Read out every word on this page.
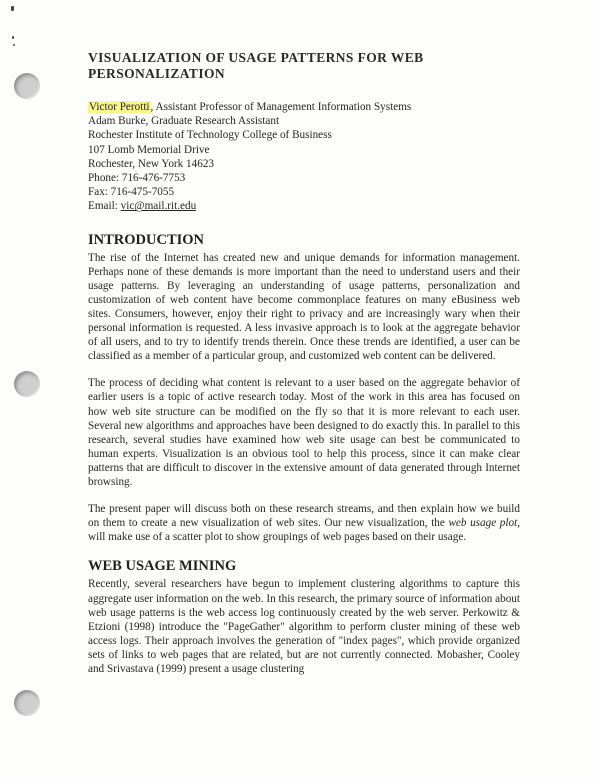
VISUALIZATION OF USAGE PATTERNS FOR WEB PERSONALIZATION
Victor Perotti, Assistant Professor of Management Information Systems
Adam Burke, Graduate Research Assistant
Rochester Institute of Technology College of Business
107 Lomb Memorial Drive
Rochester, New York 14623
Phone: 716-476-7753
Fax: 716-475-7055
Email: vic@mail.rit.edu
INTRODUCTION

The rise of the Internet has created new and unique demands for information management. Perhaps none of these demands is more important than the need to understand users and their usage patterns. By leveraging an understanding of usage patterns, personalization and customization of web content have become commonplace features on many eBusiness web sites. Consumers, however, enjoy their right to privacy and are increasingly wary when their personal information is requested. A less invasive approach is to look at the aggregate behavior of all users, and to try to identify trends therein. Once these trends are identified, a user can be classified as a member of a particular group, and customized web content can be delivered.

The process of deciding what content is relevant to a user based on the aggregate behavior of earlier users is a topic of active research today. Most of the work in this area has focused on how web site structure can be modified on the fly so that it is more relevant to each user. Several new algorithms and approaches have been designed to do exactly this. In parallel to this research, several studies have examined how web site usage can best be communicated to human experts. Visualization is an obvious tool to help this process, since it can make clear patterns that are difficult to discover in the extensive amount of data generated through Internet browsing.

The present paper will discuss both on these research streams, and then explain how we build on them to create a new visualization of web sites. Our new visualization, the web usage plot, will make use of a scatter plot to show groupings of web pages based on their usage.

WEB USAGE MINING

Recently, several researchers have begun to implement clustering algorithms to capture this aggregate user information on the web. In this research, the primary source of information about web usage patterns is the web access log continuously created by the web server. Perkowitz & Etzioni (1998) introduce the "PageGather" algorithm to perform cluster mining of these web access logs. Their approach involves the generation of "index pages", which provide organized sets of links to web pages that are related, but are not currently connected. Mobasher, Cooley and Srivastava (1999) present a usage clustering
